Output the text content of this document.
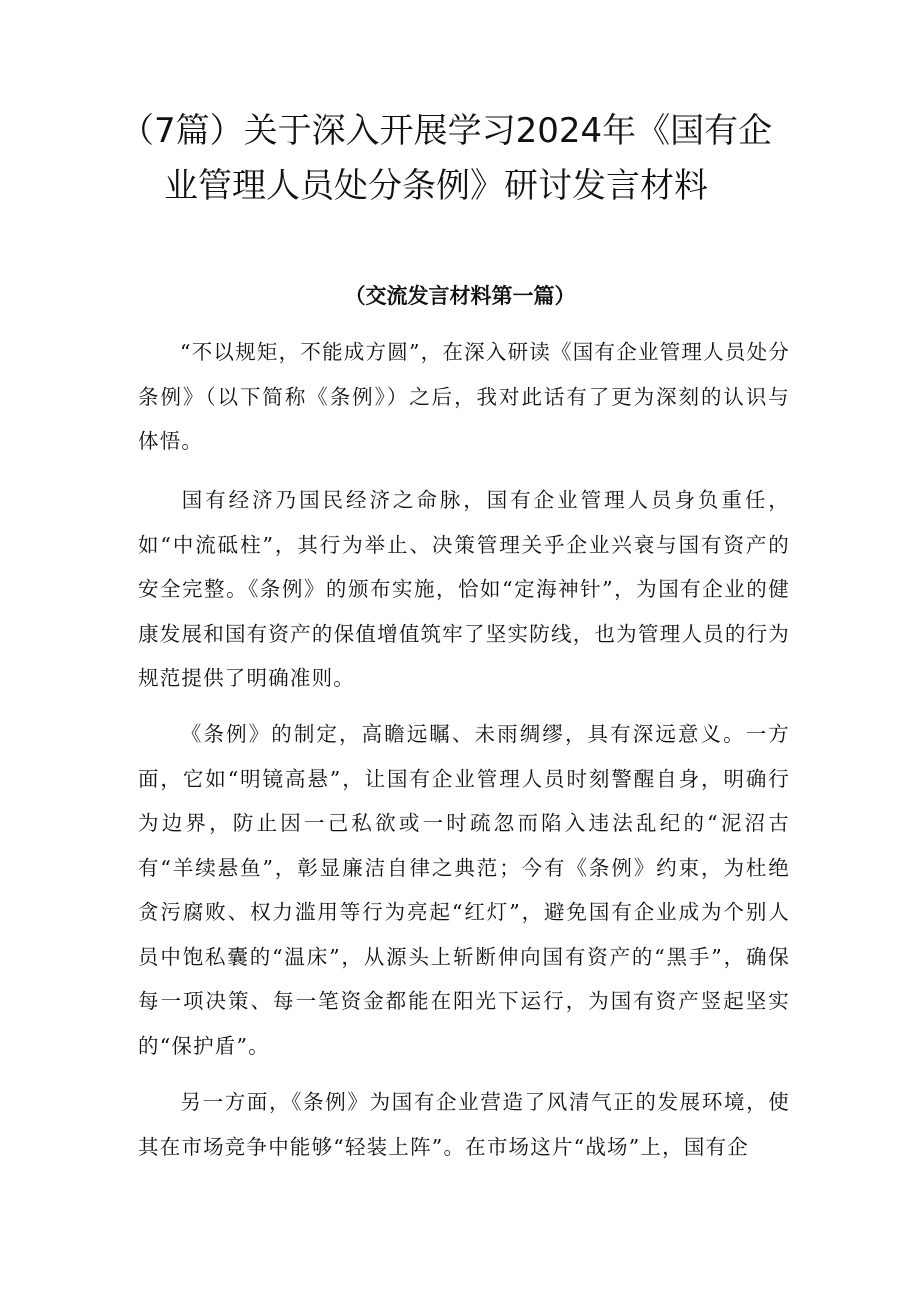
（7篇）关于深入开展学习2024年《国有企
业管理人员处分条例》研讨发言材料
（交流发言材料第一篇）

“不以规矩，不能成方圆”，在深入研读《国有企业管理人员处分条例》（以下简称《条例》）之后，我对此话有了更为深刻的认识与体悟。

国有经济乃国民经济之命脉，国有企业管理人员身负重任，如“中流砥柱”，其行为举止、决策管理关乎企业兴衰与国有资产的安全完整。《条例》的颁布实施，恰如“定海神针”，为国有企业的健康发展和国有资产的保值增值筑牢了坚实防线，也为管理人员的行为规范提供了明确准则。

《条例》的制定，高瞻远瞩、未雨绸缪，具有深远意义。一方面，它如“明镜高悬”，让国有企业管理人员时刻警醒自身，明确行为边界，防止因一己私欲或一时疏忽而陷入违法乱纪的“泥沼古有“羊续悬鱼”，彰显廉洁自律之典范；今有《条例》约束，为杜绝贪污腐败、权力滥用等行为亮起“红灯”，避免国有企业成为个别人员中饱私囊的“温床”，从源头上斩断伸向国有资产的“黑手”，确保每一项决策、每一笔资金都能在阳光下运行，为国有资产竖起坚实的“保护盾”。

另一方面，《条例》为国有企业营造了风清气正的发展环境，使其在市场竞争中能够“轻装上阵”。在市场这片“战场”上，国有企
